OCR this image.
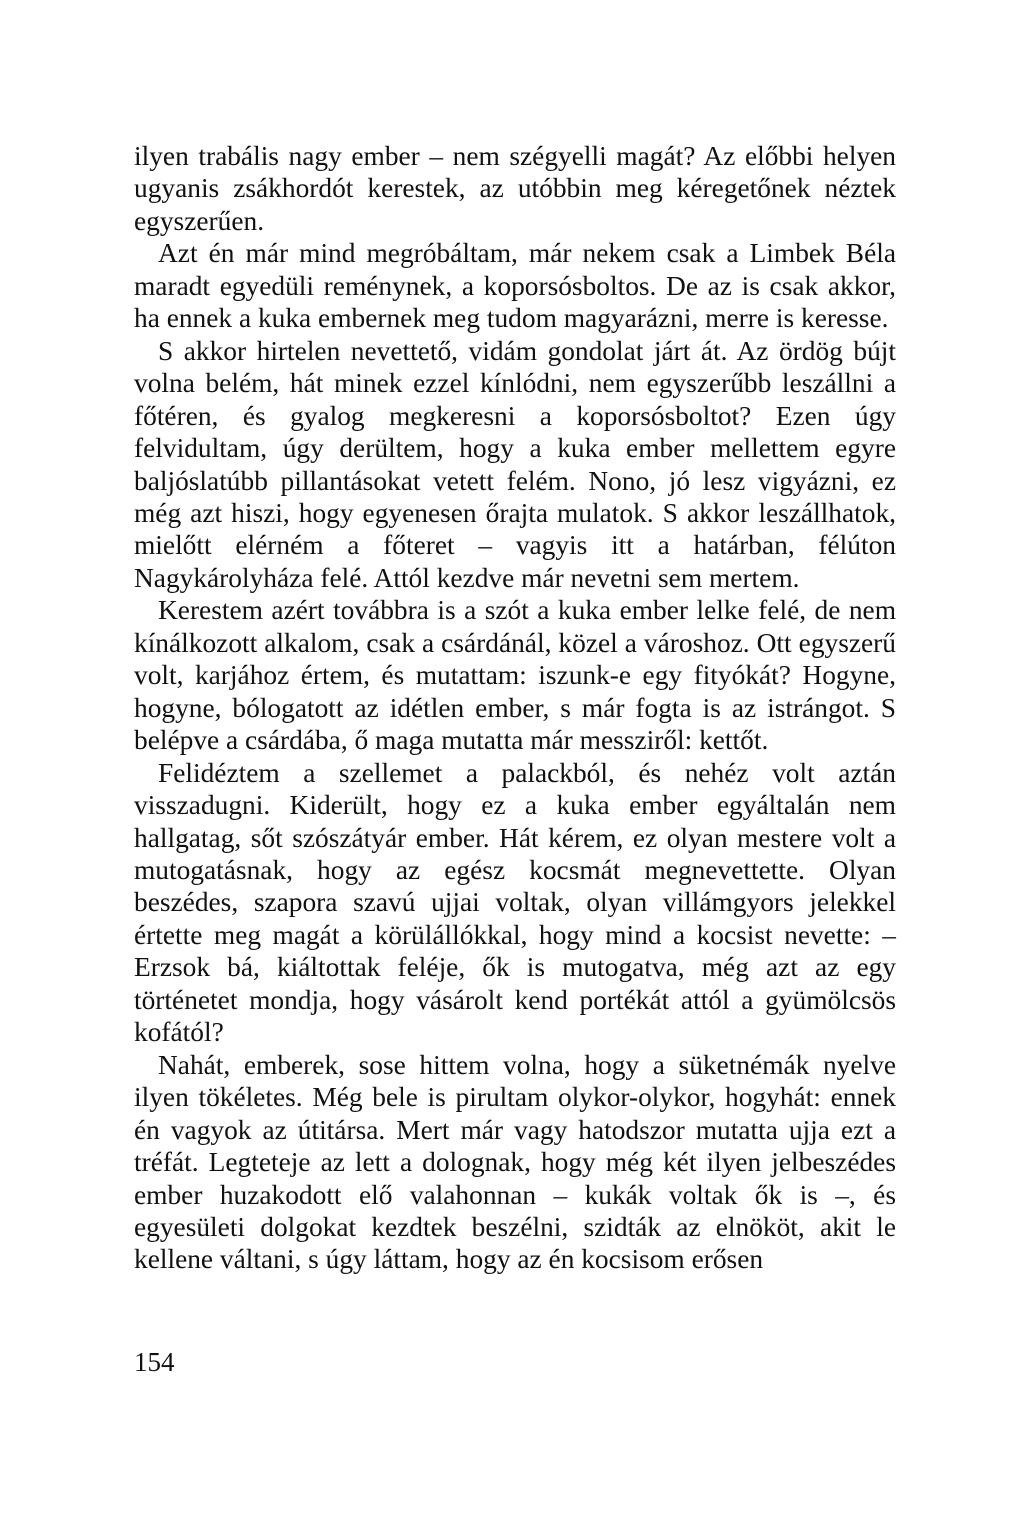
ilyen trabális nagy ember – nem szégyelli magát? Az előbbi helyen ugyanis zsákhordót kerestek, az utóbbin meg kéregetőnek néztek egyszerűen.

Azt én már mind megróbáltam, már nekem csak a Limbek Béla maradt egyedüli reménynek, a koporsósboltos. De az is csak akkor, ha ennek a kuka embernek meg tudom magyarázni, merre is keresse.

S akkor hirtelen nevettető, vidám gondolat járt át. Az ördög bújt volna belém, hát minek ezzel kínlódni, nem egyszerűbb leszállni a főtéren, és gyalog megkeresni a koporsósboltot? Ezen úgy felvidultam, úgy derültem, hogy a kuka ember mellettem egyre baljóslatúbb pillantásokat vetett felém. Nono, jó lesz vigyázni, ez még azt hiszi, hogy egyenesen őrajta mulatok. S akkor leszállhatok, mielőtt elérném a főteret – vagyis itt a határban, félúton Nagykárolyháza felé. Attól kezdve már nevetni sem mertem.

Kerestem azért továbbra is a szót a kuka ember lelke felé, de nem kínálkozott alkalom, csak a csárdánál, közel a városhoz. Ott egyszerű volt, karjához értem, és mutattam: iszunk-e egy fityókát? Hogyne, hogyne, bólogatott az idétlen ember, s már fogta is az istrángot. S belépve a csárdába, ő maga mutatta már messziről: kettőt.

Felidéztem a szellemet a palackból, és nehéz volt aztán visszadugni. Kiderült, hogy ez a kuka ember egyáltalán nem hallgatag, sőt szószátyár ember. Hát kérem, ez olyan mestere volt a mutogatásnak, hogy az egész kocsmát megnevettette. Olyan beszédes, szapora szavú ujjai voltak, olyan villámgyors jelekkel értette meg magát a körülállókkal, hogy mind a kocsist nevette: – Erzsok bá, kiáltottak feléje, ők is mutogatva, még azt az egy történetet mondja, hogy vásárolt kend portékát attól a gyümölcsös kofától?

Nahát, emberek, sose hittem volna, hogy a süketnémák nyelve ilyen tökéletes. Még bele is pirultam olykor-olykor, hogyhát: ennek én vagyok az útitársa. Mert már vagy hatodszor mutatta ujja ezt a tréfát. Legteteje az lett a dolognak, hogy még két ilyen jelbeszédes ember huzakodott elő valahonnan – kukák voltak ők is –, és egyesületi dolgokat kezdtek beszélni, szidták az elnököt, akit le kellene váltani, s úgy láttam, hogy az én kocsisom erősen

154
